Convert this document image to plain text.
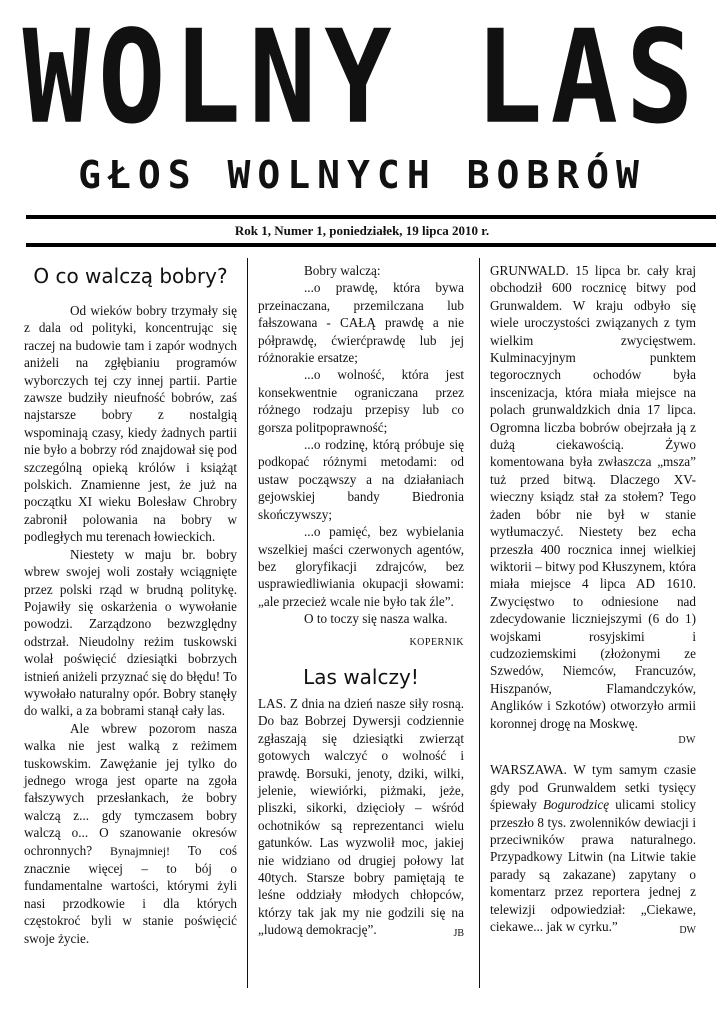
WOLNY LAS
GŁOS WOLNYCH BOBRÓW
Rok 1, Numer 1, poniedziałek, 19 lipca 2010 r.
O co walczą bobry?

Od wieków bobry trzymały się z dala od polityki, koncentrując się raczej na budowie tam i zapór wodnych aniżeli na zgłębianiu programów wyborczych tej czy innej partii. Partie zawsze budziły nieufność bobrów, zaś najstarsze bobry z nostalgią wspominają czasy, kiedy żadnych partii nie było a bobrzy ród znajdował się pod szczególną opieką królów i książąt polskich. Znamienne jest, że już na początku XI wieku Bolesław Chrobry zabronił polowania na bobry w podległych mu terenach łowieckich.

Niestety w maju br. bobry wbrew swojej woli zostały wciągnięte przez polski rząd w brudną politykę. Pojawiły się oskarżenia o wywołanie powodzi. Zarządzono bezwzględny odstrzał. Nieudolny reżim tuskowski wolał poświęcić dziesiątki bobrzych istnień aniżeli przyznać się do błędu! To wywołało naturalny opór. Bobry stanęły do walki, a za bobrami stanął cały las.

Ale wbrew pozorom nasza walka nie jest walką z reżimem tuskowskim. Zawężanie jej tylko do jednego wroga jest oparte na zgoła fałszywych przesłankach, że bobry walczą z... gdy tymczasem bobry walczą o... O szanowanie okresów ochronnych? Bynajmniej! To coś znacznie więcej – to bój o fundamentalne wartości, którymi żyli nasi przodkowie i dla których częstokroć byli w stanie poświęcić swoje życie.

Bobry walczą:

...o prawdę, która bywa przeinaczana, przemilczana lub fałszowana - CAŁĄ prawdę a nie półprawdę, ćwierćprawdę lub jej różnorakie ersatze;

...o wolność, która jest konsekwentnie ograniczana przez różnego rodzaju przepisy lub co gorsza politpoprawność;

...o rodzinę, którą próbuje się podkopać różnymi metodami: od ustaw począwszy a na działaniach gejowskiej bandy Biedronia skończywszy;

...o pamięć, bez wybielania wszelkiej maści czerwonych agentów, bez gloryfikacji zdrajców, bez usprawiedliwiania okupacji słowami: „ale przecież wcale nie było tak źle”.

O to toczy się nasza walka.

KOPERNIK
Las walczy!

LAS. Z dnia na dzień nasze siły rosną. Do baz Bobrzej Dywersji codziennie zgłaszają się dziesiątki zwierząt gotowych walczyć o wolność i prawdę. Borsuki, jenoty, dziki, wilki, jelenie, wiewiórki, piżmaki, jeże, pliszki, sikorki, dzięcioły – wśród ochotników są reprezentanci wielu gatunków. Las wyzwolił moc, jakiej nie widziano od drugiej połowy lat 40tych. Starsze bobry pamiętają te leśne oddziały młodych chłopców, którzy tak jak my nie godzili się na „ludową demokrację”.	JB

GRUNWALD. 15 lipca br. cały kraj obchodził 600 rocznicę bitwy pod Grunwaldem. W kraju odbyło się wiele uroczystości związanych z tym wielkim zwycięstwem. Kulminacyjnym punktem tegorocznych ochodów była inscenizacja, która miała miejsce na polach grunwaldzkich dnia 17 lipca. Ogromna liczba bobrów obejrzała ją z dużą ciekawością. Żywo komentowana była zwłaszcza „msza” tuż przed bitwą. Dlaczego XV-wieczny ksiądz stał za stołem? Tego żaden bóbr nie był w stanie wytłumaczyć. Niestety bez echa przeszła 400 rocznica innej wielkiej wiktorii – bitwy pod Kłuszynem, która miała miejsce 4 lipca AD 1610. Zwycięstwo to odniesione nad zdecydowanie liczniejszymi (6 do 1) wojskami rosyjskimi i cudzoziemskimi (złożonymi ze Szwedów, Niemców, Francuzów, Hiszpanów, Flamandczyków, Anglików i Szkotów) otworzyło armii koronnej drogę na Moskwę.

DW

WARSZAWA. W tym samym czasie gdy pod Grunwaldem setki tysięcy śpiewały Bogurodzicę ulicami stolicy przeszło 8 tys. zwolenników dewiacji i przeciwników prawa naturalnego. Przypadkowy Litwin (na Litwie takie parady są zakazane) zapytany o komentarz przez reportera jednej z telewizji odpowiedział: „Ciekawe, ciekawe... jak w cyrku.”	DW
